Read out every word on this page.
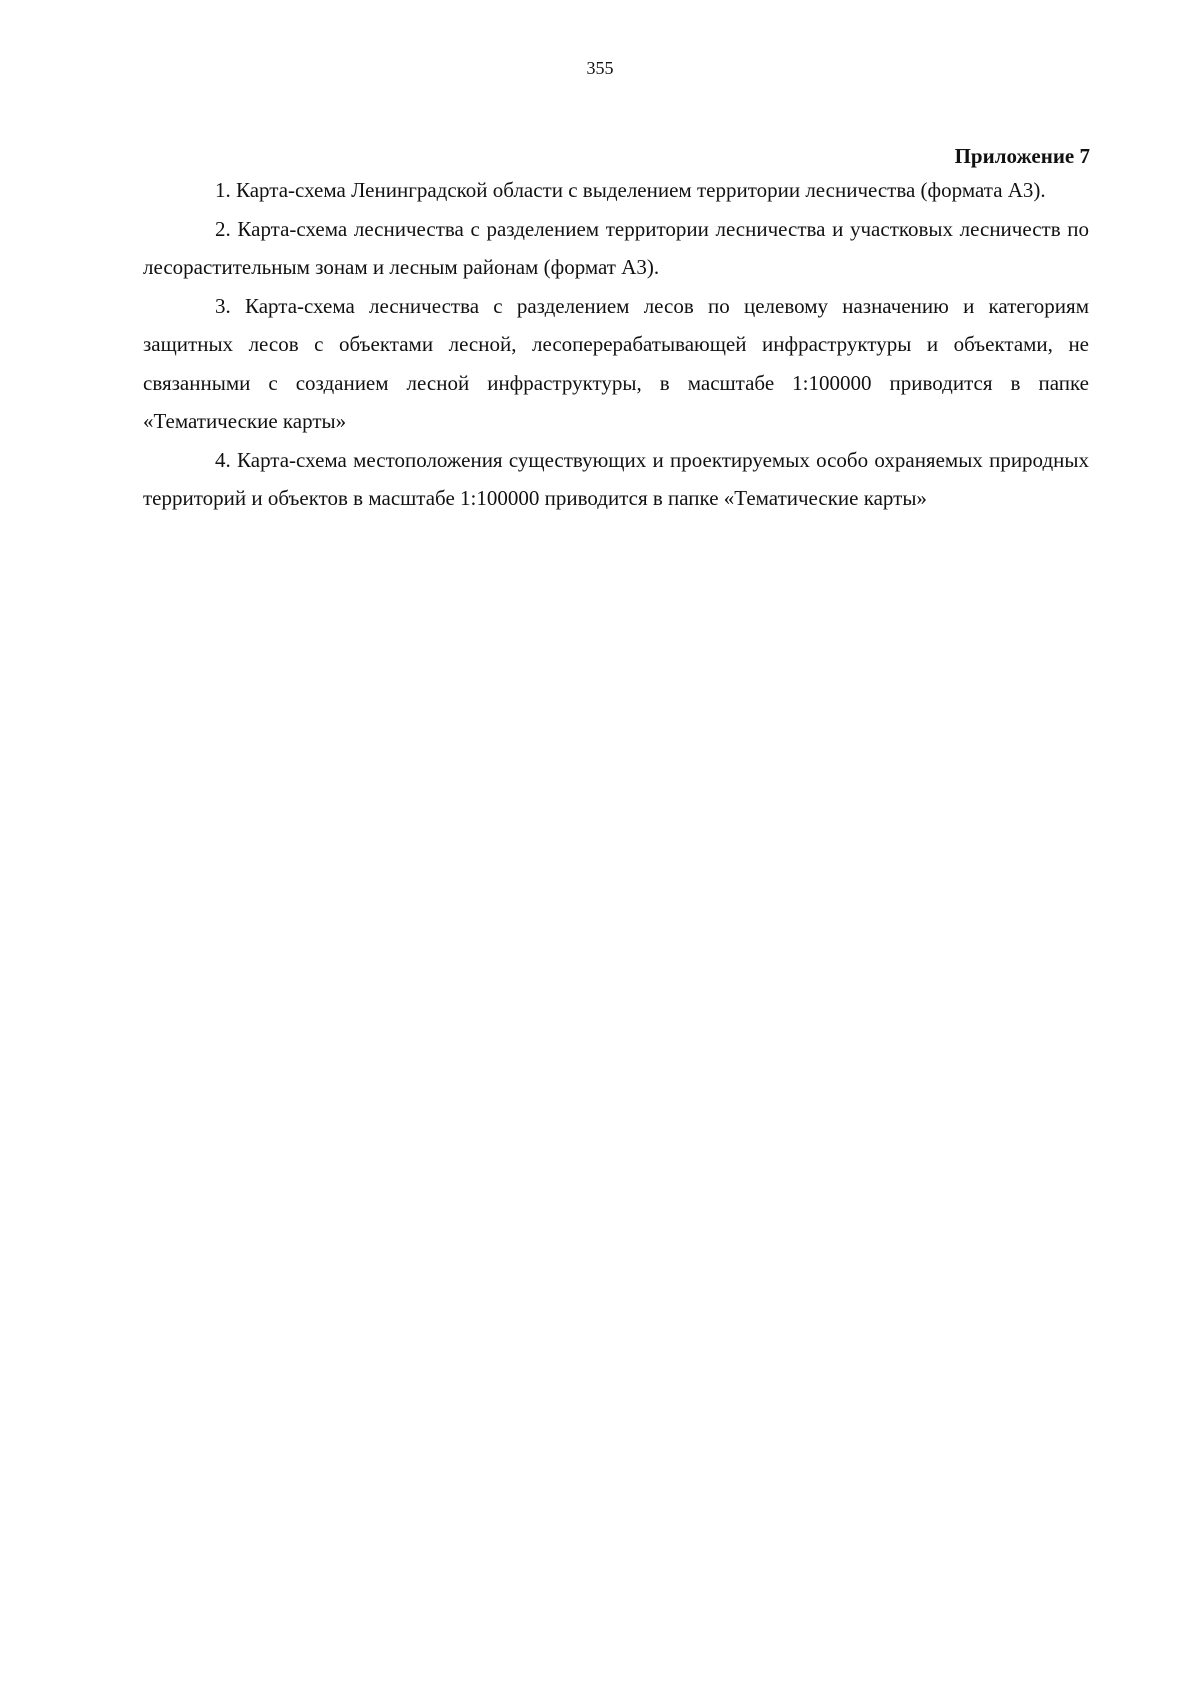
355
Приложение 7

1. Карта-схема Ленинградской области с выделением территории лесничества (формата А3).

2. Карта-схема лесничества с разделением территории лесничества и участковых лесничеств по лесорастительным зонам и лесным районам (формат А3).

3. Карта-схема лесничества с разделением лесов по целевому назначению и категориям защитных лесов с объектами лесной, лесоперерабатывающей инфраструктуры и объектами, не связанными с созданием лесной инфраструктуры, в масштабе 1:100000 приводится в папке «Тематические карты»

4. Карта-схема местоположения существующих и проектируемых особо охраняемых природных территорий и объектов в масштабе 1:100000 приводится в папке «Тематические карты»
